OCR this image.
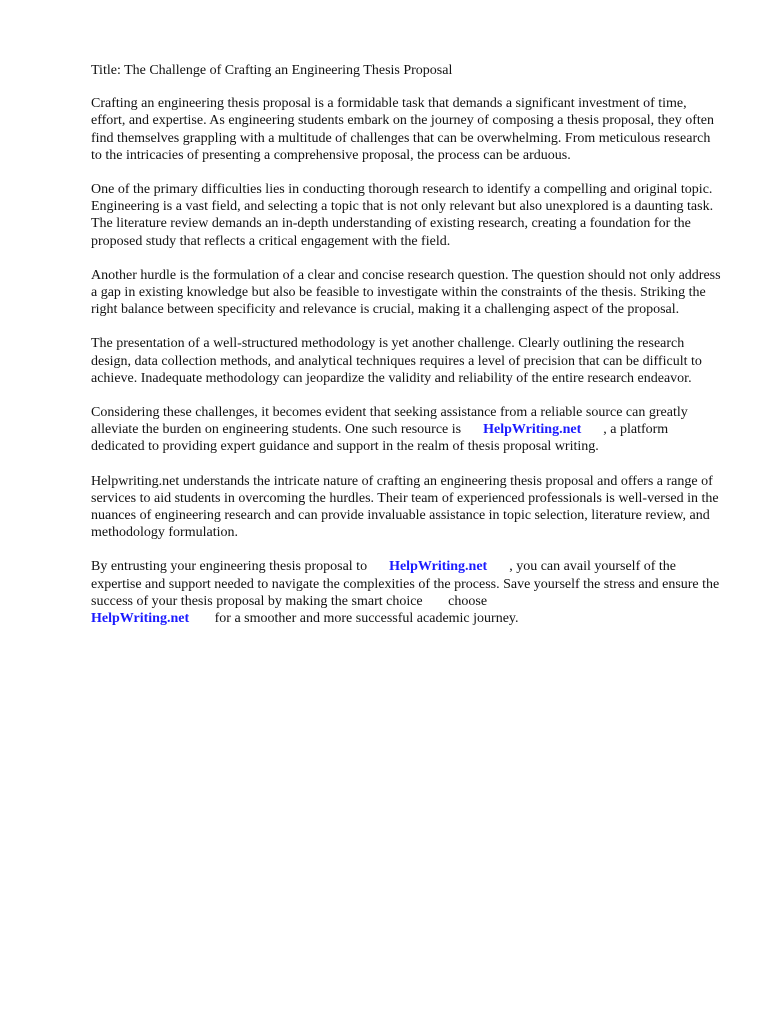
Title: The Challenge of Crafting an Engineering Thesis Proposal

Crafting an engineering thesis proposal is a formidable task that demands a significant investment of time, effort, and expertise. As engineering students embark on the journey of composing a thesis proposal, they often find themselves grappling with a multitude of challenges that can be overwhelming. From meticulous research to the intricacies of presenting a comprehensive proposal, the process can be arduous.

One of the primary difficulties lies in conducting thorough research to identify a compelling and original topic. Engineering is a vast field, and selecting a topic that is not only relevant but also unexplored is a daunting task. The literature review demands an in-depth understanding of existing research, creating a foundation for the proposed study that reflects a critical engagement with the field.

Another hurdle is the formulation of a clear and concise research question. The question should not only address a gap in existing knowledge but also be feasible to investigate within the constraints of the thesis. Striking the right balance between specificity and relevance is crucial, making it a challenging aspect of the proposal.

The presentation of a well-structured methodology is yet another challenge. Clearly outlining the research design, data collection methods, and analytical techniques requires a level of precision that can be difficult to achieve. Inadequate methodology can jeopardize the validity and reliability of the entire research endeavor.

Considering these challenges, it becomes evident that seeking assistance from a reliable source can greatly alleviate the burden on engineering students. One such resource is HelpWriting.net , a platform dedicated to providing expert guidance and support in the realm of thesis proposal writing.

Helpwriting.net understands the intricate nature of crafting an engineering thesis proposal and offers a range of services to aid students in overcoming the hurdles. Their team of experienced professionals is well-versed in the nuances of engineering research and can provide invaluable assistance in topic selection, literature review, and methodology formulation.

By entrusting your engineering thesis proposal to HelpWriting.net , you can avail yourself of the expertise and support needed to navigate the complexities of the process. Save yourself the stress and ensure the success of your thesis proposal by making the smart choice choose
HelpWriting.net for a smoother and more successful academic journey.
